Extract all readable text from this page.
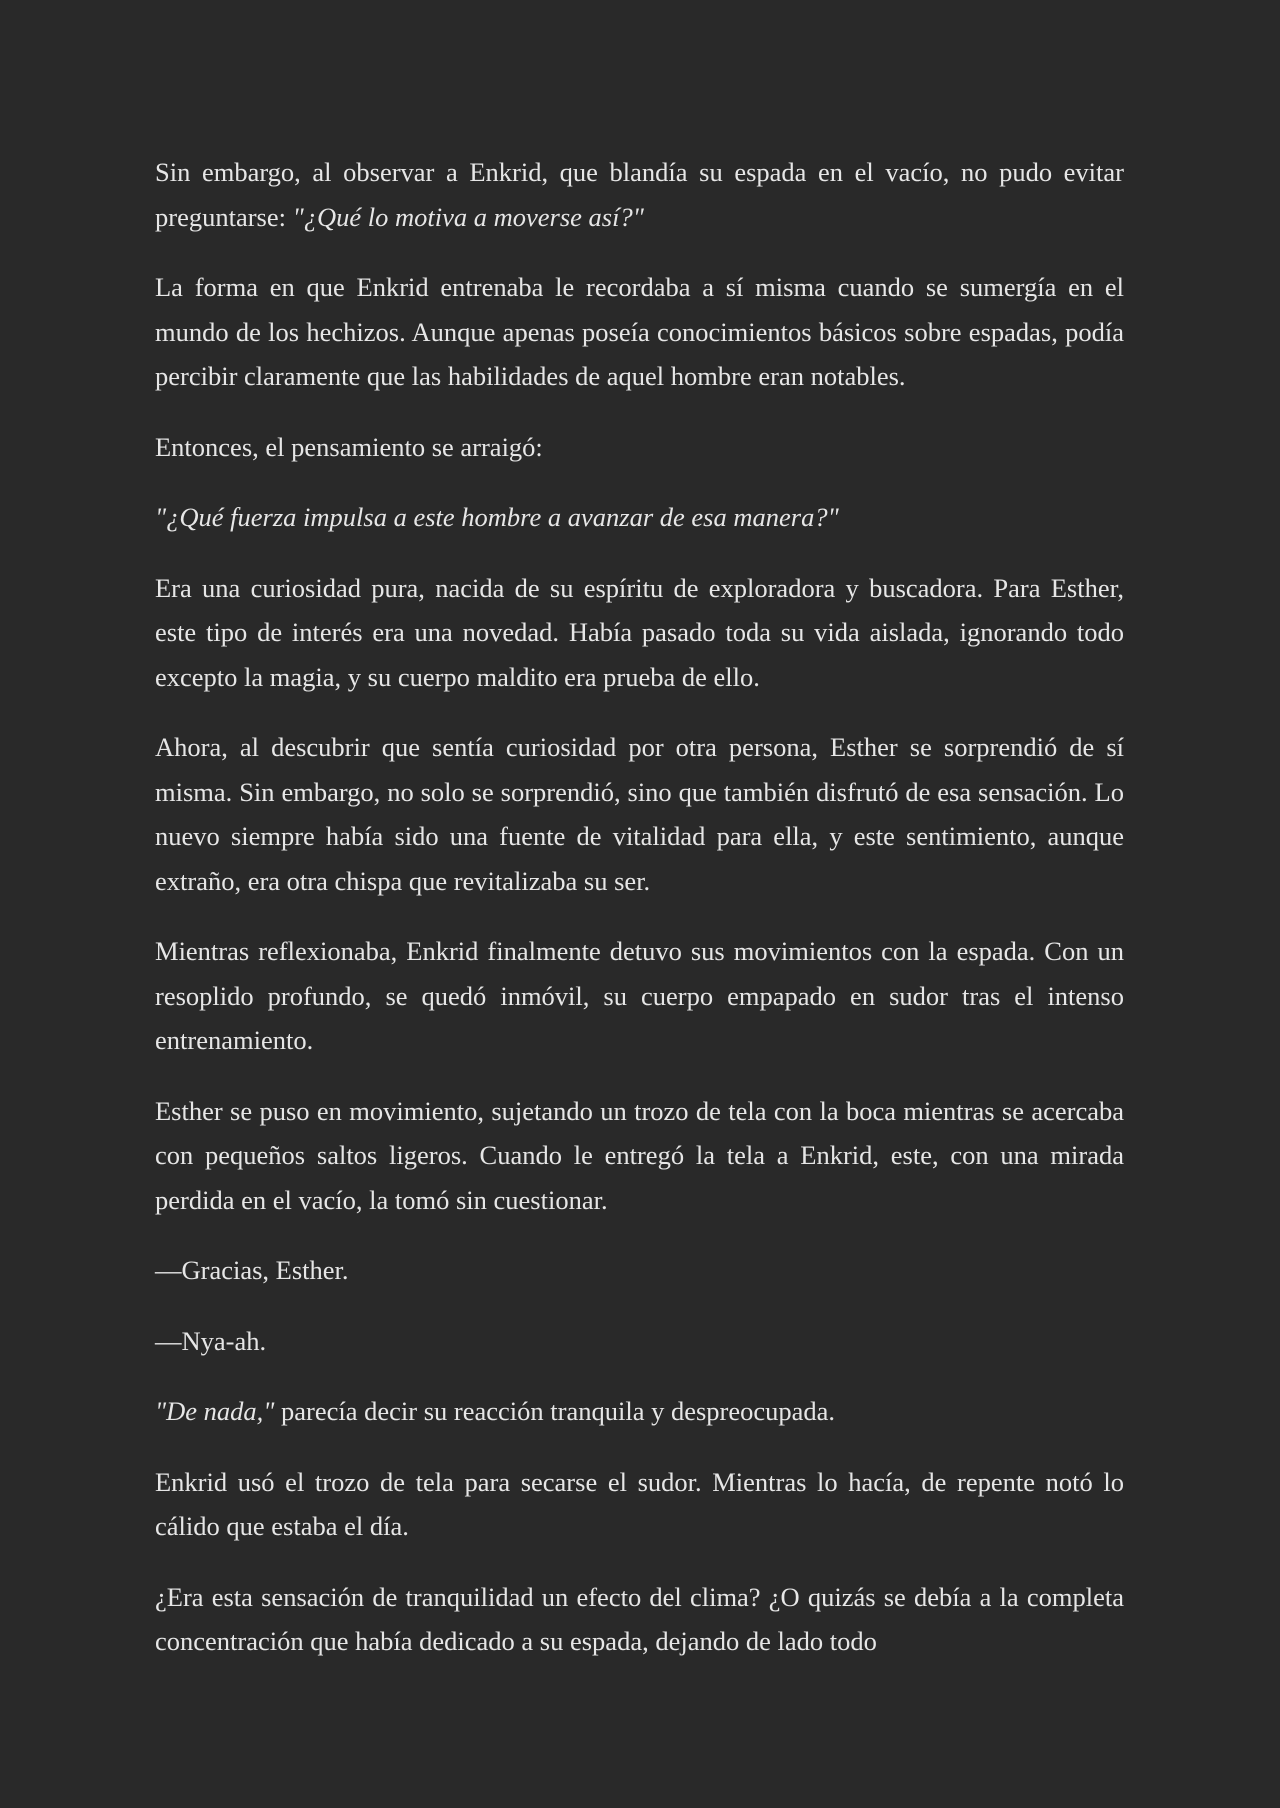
Sin embargo, al observar a Enkrid, que blandía su espada en el vacío, no pudo evitar preguntarse: "¿Qué lo motiva a moverse así?"

La forma en que Enkrid entrenaba le recordaba a sí misma cuando se sumergía en el mundo de los hechizos. Aunque apenas poseía conocimientos básicos sobre espadas, podía percibir claramente que las habilidades de aquel hombre eran notables.

Entonces, el pensamiento se arraigó:

"¿Qué fuerza impulsa a este hombre a avanzar de esa manera?"

Era una curiosidad pura, nacida de su espíritu de exploradora y buscadora. Para Esther, este tipo de interés era una novedad. Había pasado toda su vida aislada, ignorando todo excepto la magia, y su cuerpo maldito era prueba de ello.

Ahora, al descubrir que sentía curiosidad por otra persona, Esther se sorprendió de sí misma. Sin embargo, no solo se sorprendió, sino que también disfrutó de esa sensación. Lo nuevo siempre había sido una fuente de vitalidad para ella, y este sentimiento, aunque extraño, era otra chispa que revitalizaba su ser.

Mientras reflexionaba, Enkrid finalmente detuvo sus movimientos con la espada. Con un resoplido profundo, se quedó inmóvil, su cuerpo empapado en sudor tras el intenso entrenamiento.

Esther se puso en movimiento, sujetando un trozo de tela con la boca mientras se acercaba con pequeños saltos ligeros. Cuando le entregó la tela a Enkrid, este, con una mirada perdida en el vacío, la tomó sin cuestionar.

—Gracias, Esther.

—Nya-ah.

"De nada," parecía decir su reacción tranquila y despreocupada.

Enkrid usó el trozo de tela para secarse el sudor. Mientras lo hacía, de repente notó lo cálido que estaba el día.

¿Era esta sensación de tranquilidad un efecto del clima? ¿O quizás se debía a la completa concentración que había dedicado a su espada, dejando de lado todo
